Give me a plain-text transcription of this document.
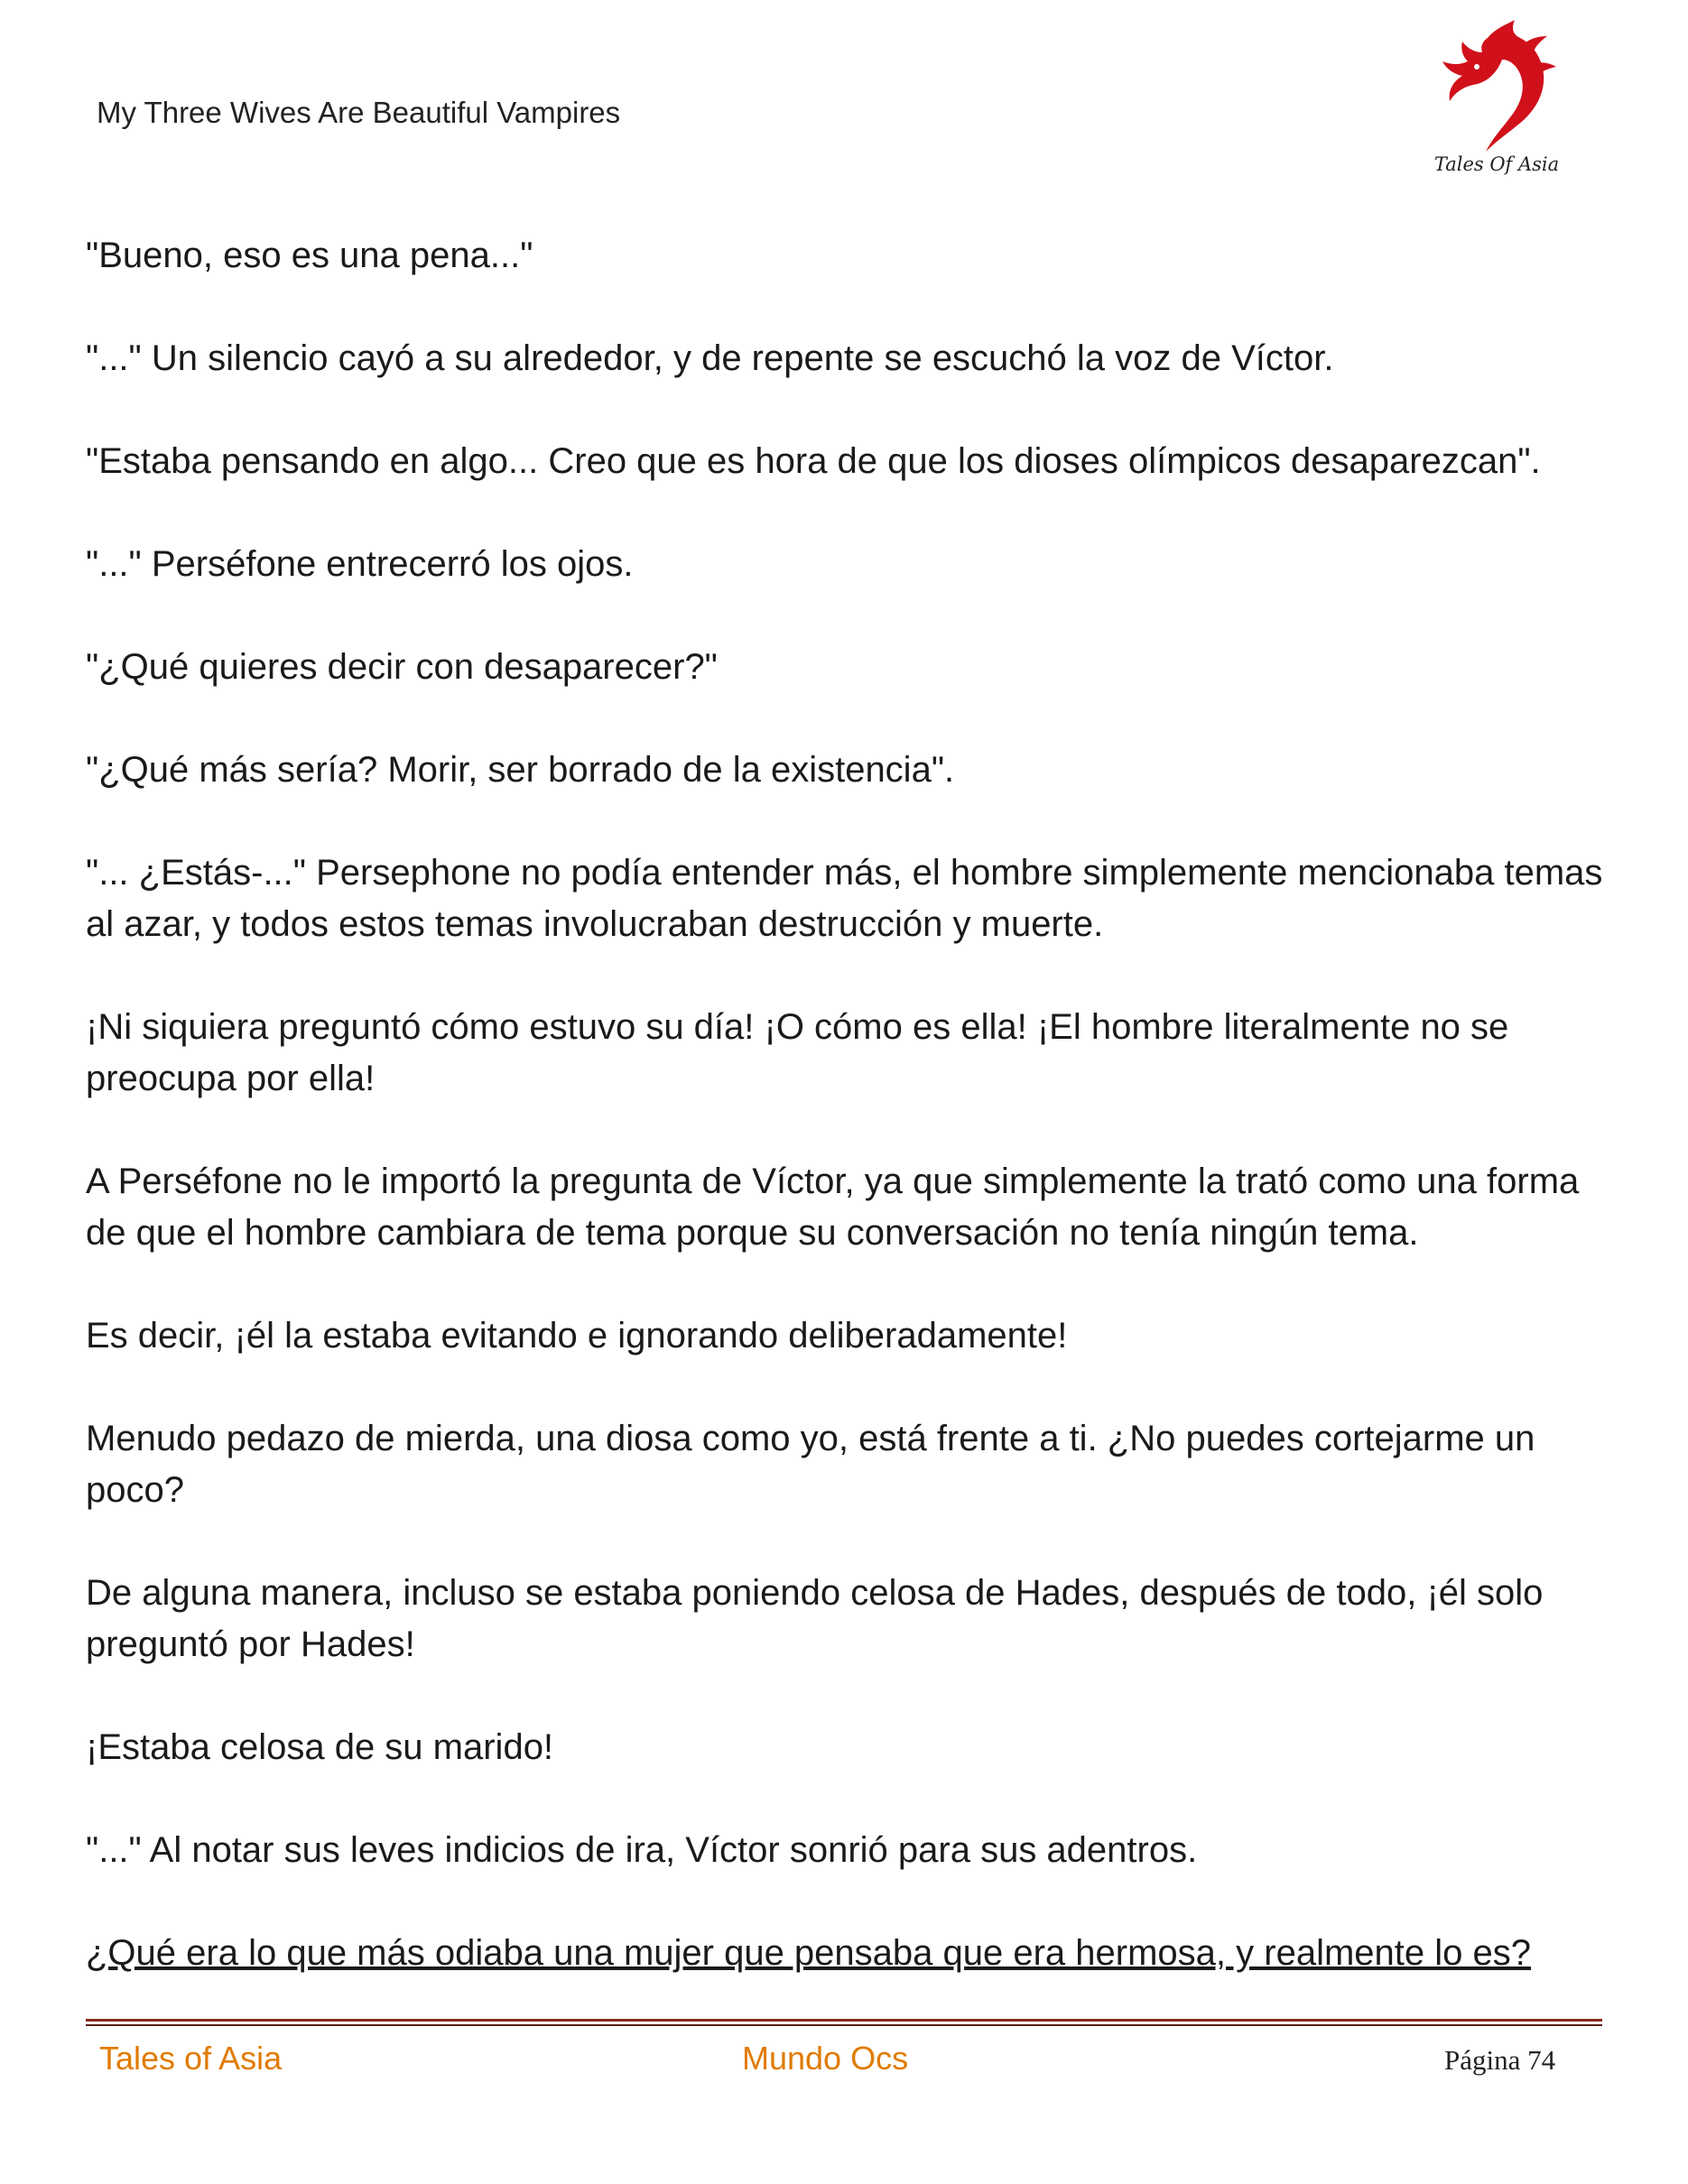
My Three Wives Are Beautiful Vampires
Tales Of Asia

"Bueno, eso es una pena..."

"..." Un silencio cayó a su alrededor, y de repente se escuchó la voz de Víctor.

"Estaba pensando en algo... Creo que es hora de que los dioses olímpicos desaparezcan".

"..." Perséfone entrecerró los ojos.

"¿Qué quieres decir con desaparecer?"

"¿Qué más sería? Morir, ser borrado de la existencia".

"... ¿Estás-..." Persephone no podía entender más, el hombre simplemente mencionaba temas al azar, y todos estos temas involucraban destrucción y muerte.

¡Ni siquiera preguntó cómo estuvo su día! ¡O cómo es ella! ¡El hombre literalmente no se preocupa por ella!

A Perséfone no le importó la pregunta de Víctor, ya que simplemente la trató como una forma de que el hombre cambiara de tema porque su conversación no tenía ningún tema.

Es decir, ¡él la estaba evitando e ignorando deliberadamente!

Menudo pedazo de mierda, una diosa como yo, está frente a ti. ¿No puedes cortejarme un poco?

De alguna manera, incluso se estaba poniendo celosa de Hades, después de todo, ¡él solo preguntó por Hades!

¡Estaba celosa de su marido!

"..." Al notar sus leves indicios de ira, Víctor sonrió para sus adentros.

¿Qué era lo que más odiaba una mujer que pensaba que era hermosa, y realmente lo es?

Tales of Asia	Mundo Ocs	Página 74
